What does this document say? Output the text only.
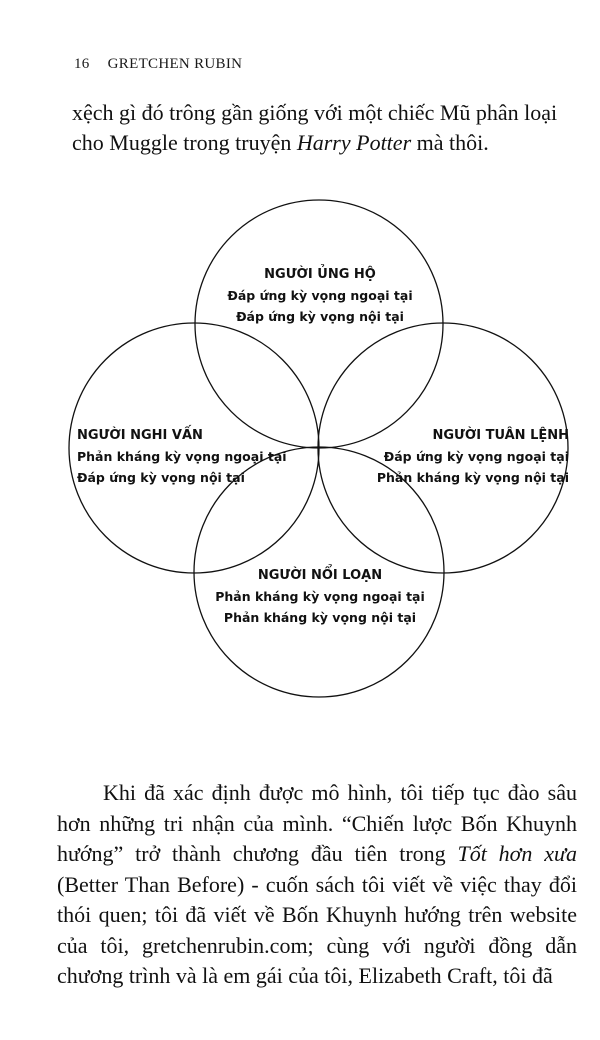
16 GRETCHEN RUBIN

xệch gì đó trông gần giống với một chiếc Mũ phân loại cho Muggle trong truyện Harry Potter mà thôi.

NGƯỜI ỦNG HỘ
Đáp ứng kỳ vọng ngoại tại
Đáp ứng kỳ vọng nội tại
NGƯỜI NGHI VẤN
Phản kháng kỳ vọng ngoại tại
Đáp ứng kỳ vọng nội tại
NGƯỜI TUÂN LỆNH
Đáp ứng kỳ vọng ngoại tại
Phản kháng kỳ vọng nội tại
NGƯỜI NỔI LOẠN
Phản kháng kỳ vọng ngoại tại
Phản kháng kỳ vọng nội tại

Khi đã xác định được mô hình, tôi tiếp tục đào sâu hơn những tri nhận của mình. “Chiến lược Bốn Khuynh hướng” trở thành chương đầu tiên trong Tốt hơn xưa (Better Than Before) - cuốn sách tôi viết về việc thay đổi thói quen; tôi đã viết về Bốn Khuynh hướng trên website của tôi, gretchenrubin.com; cùng với người đồng dẫn chương trình và là em gái của tôi, Elizabeth Craft, tôi đã
